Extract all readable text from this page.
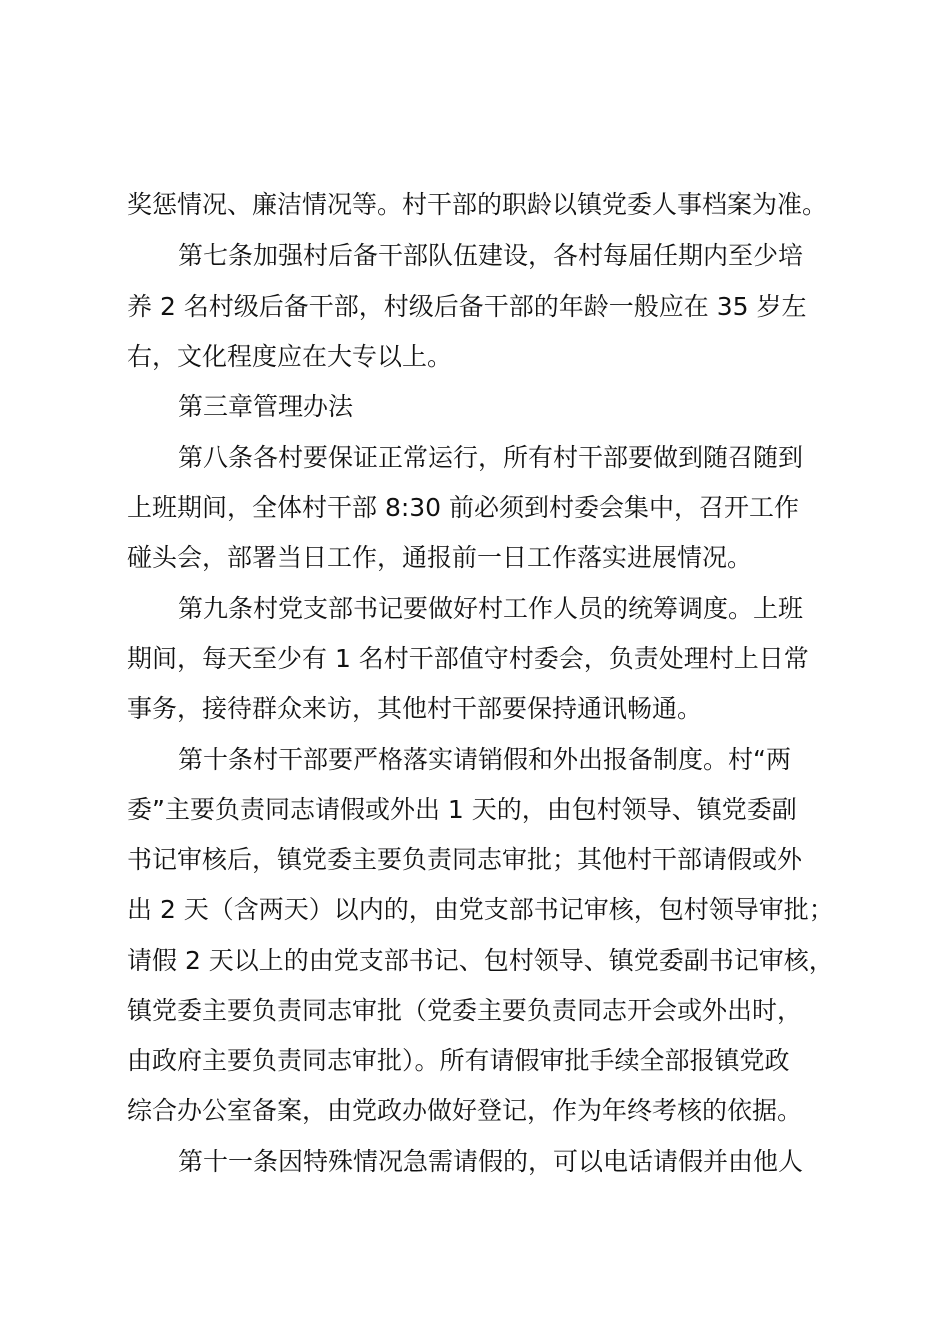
奖惩情况、廉洁情况等。村干部的职龄以镇党委人事档案为准。
第七条加强村后备干部队伍建设，各村每届任期内至少培
养 2 名村级后备干部，村级后备干部的年龄一般应在 35 岁左
右，文化程度应在大专以上。
第三章管理办法
第八条各村要保证正常运行，所有村干部要做到随召随到
上班期间，全体村干部 8:30 前必须到村委会集中，召开工作
碰头会，部署当日工作，通报前一日工作落实进展情况。
第九条村党支部书记要做好村工作人员的统筹调度。上班
期间，每天至少有 1 名村干部值守村委会，负责处理村上日常
事务，接待群众来访，其他村干部要保持通讯畅通。
第十条村干部要严格落实请销假和外出报备制度。村“两
委”主要负责同志请假或外出 1 天的，由包村领导、镇党委副
书记审核后，镇党委主要负责同志审批；其他村干部请假或外
出 2 天（含两天）以内的，由党支部书记审核，包村领导审批；
请假 2 天以上的由党支部书记、包村领导、镇党委副书记审核，
镇党委主要负责同志审批（党委主要负责同志开会或外出时，
由政府主要负责同志审批）。所有请假审批手续全部报镇党政
综合办公室备案，由党政办做好登记，作为年终考核的依据。
第十一条因特殊情况急需请假的，可以电话请假并由他人
